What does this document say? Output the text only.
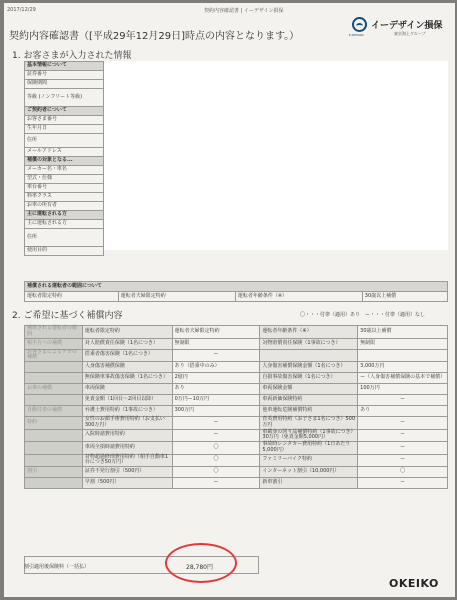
2017/12/29	契約内容確認書 | イーデザイン損保
契約内容確認書（[平成29年12月29日]時点の内容となります。）	E-DESIGN
イーデザイン損保
東京海上グループ
1. お客さまが入力された情報
基本情報について
証券番号
保険期間
等級 (ノンフリート等級)
ご契約者について
お客さま番号
生年月日
住所
メールアドレス
補償の対象となる...
メーカー名・車名
型式・仕様
車台番号
料率クラス
お車の所有者
主に運転される方
主に運転される方
住所
使用目的
補償される運転者の範囲について
運転者限定特約	運転者夫婦限定特約	運転者年齢条件（※）	30歳以上補償
2. ご希望に基づく補償内容	〇・・・付帯（適用）あり　ー・・・付帯（適用）なし
補償される運転者の範囲	運転者限定特約	運転者夫婦限定特約	運転者年齢条件（※）	30歳以上補償
相手方への補償	対人賠償責任保険（1名につき）	無制限	対物賠償責任保険（1事故につき）	無制限
お客さまによるケガの補償	搭乗者傷害保険（1名につき）	ー		
	人身傷害補償保険	あり（搭乗中のみ）	人身傷害補償保険金額（1名につき）	3,000万円
	無保険車事故傷害保険（1名につき）	2億円	自損事故傷害保険（1名につき）	ー（人身傷害補償保険の基本で補償）
お車の補償	車両保険	あり	車両保険金額	100万円
	免責金額（1回目〜2回目以降）	0万円ー10万円	車両新価保険特約	ー
自動付帯の補償	弁護士費用特約（1事故につき）	300万円	他車運転危険補償特約	あり
特約	女性のお顔手術費用特約（お支払い300万円）	ー	育英費用特約（お子さま1名につき）500万円	ー
	入院時諸費用特約	ー	車載身の回り品補償特約（1事故につき）30万円（免責金額5,000円）	ー
	車両全損時諸費用特約	〇	事故時レンタカー費用特約（1日あたり5,000円）	ー
	対物超過修理費用特約（相手自動車1台につき50万円）	〇	ファミリーバイク特約	ー
割引	証券不発行割引（500円）	〇	インターネット割引（10,000円）	〇
	早割（500円）	ー	新車割引	ー
割引適用後保険料（一括払）	28,780円
OKEIKO
